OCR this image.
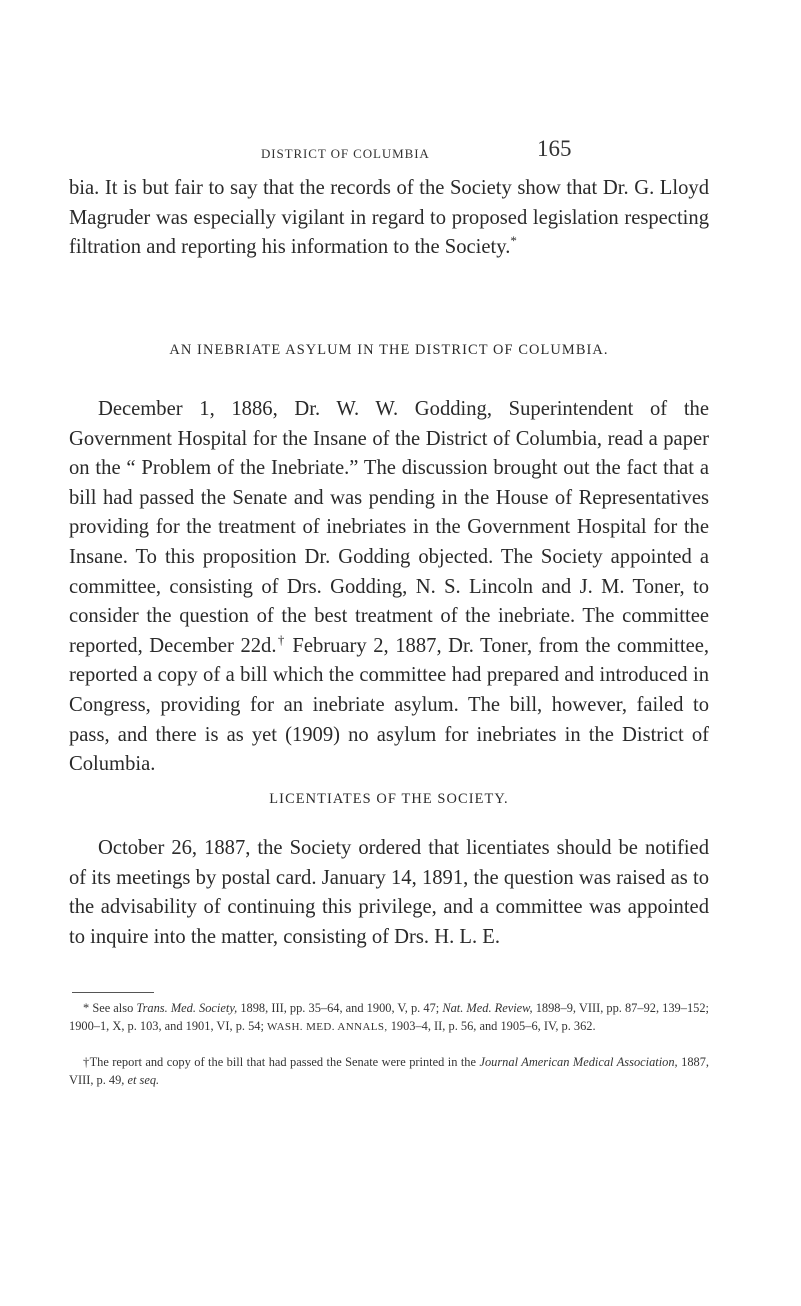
DISTRICT OF COLUMBIA	165

bia. It is but fair to say that the records of the Society show that Dr. G. Lloyd Magruder was especially vigilant in regard to proposed legislation respecting filtration and reporting his information to the Society.*

AN INEBRIATE ASYLUM IN THE DISTRICT OF COLUMBIA.

December 1, 1886, Dr. W. W. Godding, Superintendent of the Government Hospital for the Insane of the District of Columbia, read a paper on the “ Problem of the Inebriate.” The discussion brought out the fact that a bill had passed the Senate and was pending in the House of Representatives providing for the treatment of inebriates in the Government Hospital for the Insane. To this proposition Dr. Godding objected. The Society appointed a committee, consisting of Drs. Godding, N. S. Lincoln and J. M. Toner, to consider the question of the best treatment of the inebriate. The committee reported, December 22d.† February 2, 1887, Dr. Toner, from the committee, reported a copy of a bill which the committee had prepared and introduced in Congress, providing for an inebriate asylum. The bill, however, failed to pass, and there is as yet (1909) no asylum for inebriates in the District of Columbia.

LICENTIATES OF THE SOCIETY.

October 26, 1887, the Society ordered that licentiates should be notified of its meetings by postal card. January 14, 1891, the question was raised as to the advisability of continuing this privilege, and a committee was appointed to inquire into the matter, consisting of Drs. H. L. E.

* See also Trans. Med. Society, 1898, III, pp. 35–64, and 1900, V, p. 47; Nat. Med. Review, 1898–9, VIII, pp. 87–92, 139–152; 1900–1, X, p. 103, and 1901, VI, p. 54; WASH. MED. ANNALS, 1903–4, II, p. 56, and 1905–6, IV, p. 362.

†The report and copy of the bill that had passed the Senate were printed in the Journal American Medical Association, 1887, VIII, p. 49, et seq.
